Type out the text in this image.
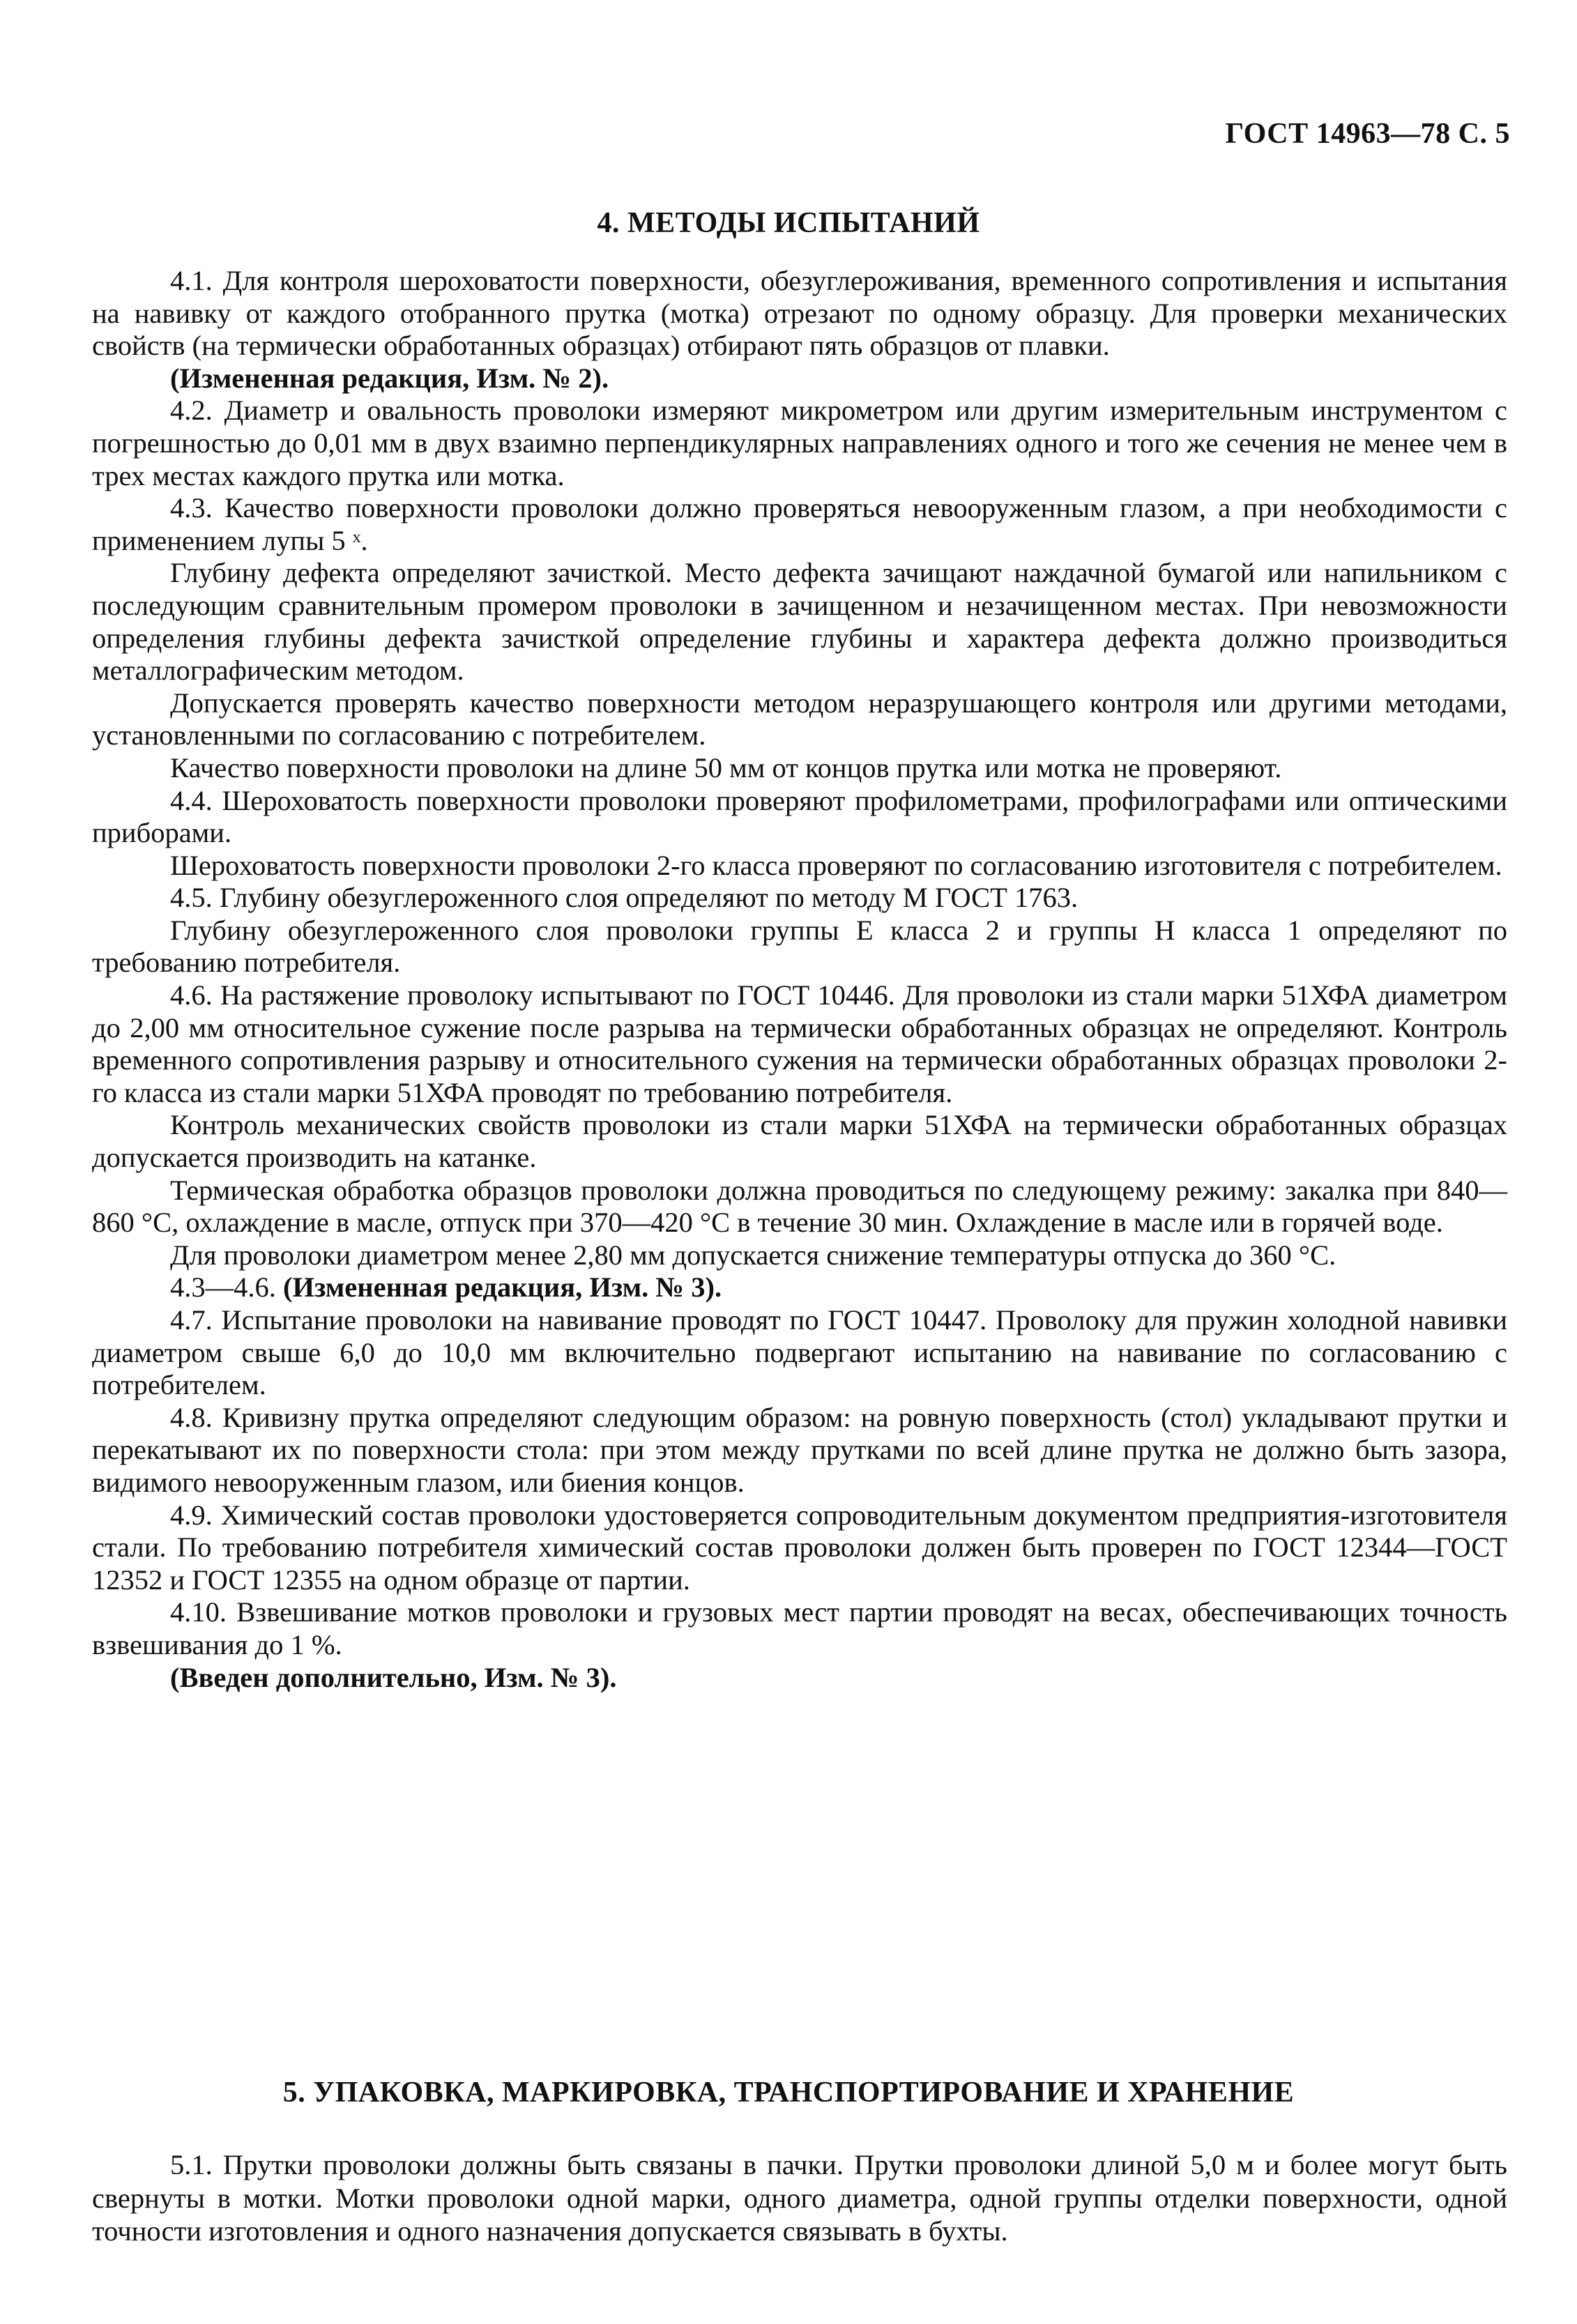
ГОСТ 14963—78 С. 5
4. МЕТОДЫ ИСПЫТАНИЙ

4.1. Для контроля шероховатости поверхности, обезуглероживания, временного сопротивления и испытания на навивку от каждого отобранного прутка (мотка) отрезают по одному образцу. Для проверки механических свойств (на термически обработанных образцах) отбирают пять образцов от плавки.

(Измененная редакция, Изм. № 2).

4.2. Диаметр и овальность проволоки измеряют микрометром или другим измерительным инструментом с погрешностью до 0,01 мм в двух взаимно перпендикулярных направлениях одного и того же сечения не менее чем в трех местах каждого прутка или мотка.

4.3. Качество поверхности проволоки должно проверяться невооруженным глазом, а при необходимости с применением лупы 5 ˣ.

Глубину дефекта определяют зачисткой. Место дефекта зачищают наждачной бумагой или напильником с последующим сравнительным промером проволоки в зачищенном и незачищенном местах. При невозможности определения глубины дефекта зачисткой определение глубины и характера дефекта должно производиться металлографическим методом.

Допускается проверять качество поверхности методом неразрушающего контроля или другими методами, установленными по согласованию с потребителем.

Качество поверхности проволоки на длине 50 мм от концов прутка или мотка не проверяют.

4.4. Шероховатость поверхности проволоки проверяют профилометрами, профилографами или оптическими приборами.

Шероховатость поверхности проволоки 2-го класса проверяют по согласованию изготовителя с потребителем.

4.5. Глубину обезуглероженного слоя определяют по методу М ГОСТ 1763.

Глубину обезуглероженного слоя проволоки группы Е класса 2 и группы Н класса 1 определяют по требованию потребителя.

4.6. На растяжение проволоку испытывают по ГОСТ 10446. Для проволоки из стали марки 51ХФА диаметром до 2,00 мм относительное сужение после разрыва на термически обработанных образцах не определяют. Контроль временного сопротивления разрыву и относительного сужения на термически обработанных образцах проволоки 2-го класса из стали марки 51ХФА проводят по требованию потребителя.

Контроль механических свойств проволоки из стали марки 51ХФА на термически обработанных образцах допускается производить на катанке.

Термическая обработка образцов проволоки должна проводиться по следующему режиму: закалка при 840—860 °С, охлаждение в масле, отпуск при 370—420 °С в течение 30 мин. Охлаждение в масле или в горячей воде.

Для проволоки диаметром менее 2,80 мм допускается снижение температуры отпуска до 360 °С.

4.3—4.6. (Измененная редакция, Изм. № 3).

4.7. Испытание проволоки на навивание проводят по ГОСТ 10447. Проволоку для пружин холодной навивки диаметром свыше 6,0 до 10,0 мм включительно подвергают испытанию на навивание по согласованию с потребителем.

4.8. Кривизну прутка определяют следующим образом: на ровную поверхность (стол) укладывают прутки и перекатывают их по поверхности стола: при этом между прутками по всей длине прутка не должно быть зазора, видимого невооруженным глазом, или биения концов.

4.9. Химический состав проволоки удостоверяется сопроводительным документом предприятия-изготовителя стали. По требованию потребителя химический состав проволоки должен быть проверен по ГОСТ 12344—ГОСТ 12352 и ГОСТ 12355 на одном образце от партии.

4.10. Взвешивание мотков проволоки и грузовых мест партии проводят на весах, обеспечивающих точность взвешивания до 1 %.

(Введен дополнительно, Изм. № 3).

5. УПАКОВКА, МАРКИРОВКА, ТРАНСПОРТИРОВАНИЕ И ХРАНЕНИЕ

5.1. Прутки проволоки должны быть связаны в пачки. Прутки проволоки длиной 5,0 м и более могут быть свернуты в мотки. Мотки проволоки одной марки, одного диаметра, одной группы отделки поверхности, одной точности изготовления и одного назначения допускается связывать в бухты.
